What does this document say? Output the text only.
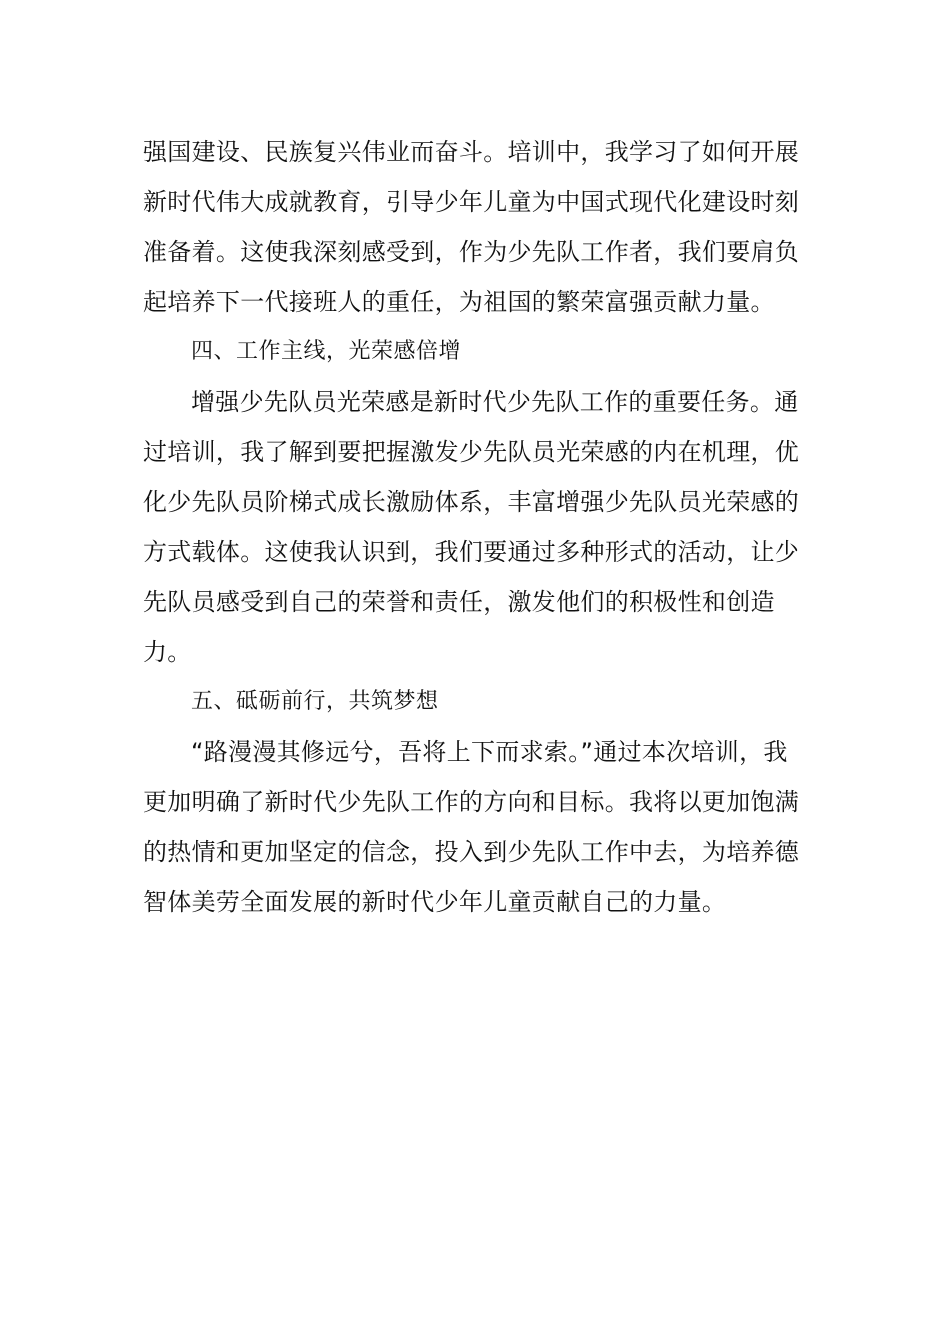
强国建设、民族复兴伟业而奋斗。培训中，我学习了如何开展
新时代伟大成就教育，引导少年儿童为中国式现代化建设时刻
准备着。这使我深刻感受到，作为少先队工作者，我们要肩负
起培养下一代接班人的重任，为祖国的繁荣富强贡献力量。
四、工作主线，光荣感倍增
增强少先队员光荣感是新时代少先队工作的重要任务。通
过培训，我了解到要把握激发少先队员光荣感的内在机理，优
化少先队员阶梯式成长激励体系，丰富增强少先队员光荣感的
方式载体。这使我认识到，我们要通过多种形式的活动，让少
先队员感受到自己的荣誉和责任，激发他们的积极性和创造
力。
五、砥砺前行，共筑梦想
“路漫漫其修远兮，吾将上下而求索。”通过本次培训，我
更加明确了新时代少先队工作的方向和目标。我将以更加饱满
的热情和更加坚定的信念，投入到少先队工作中去，为培养德
智体美劳全面发展的新时代少年儿童贡献自己的力量。
